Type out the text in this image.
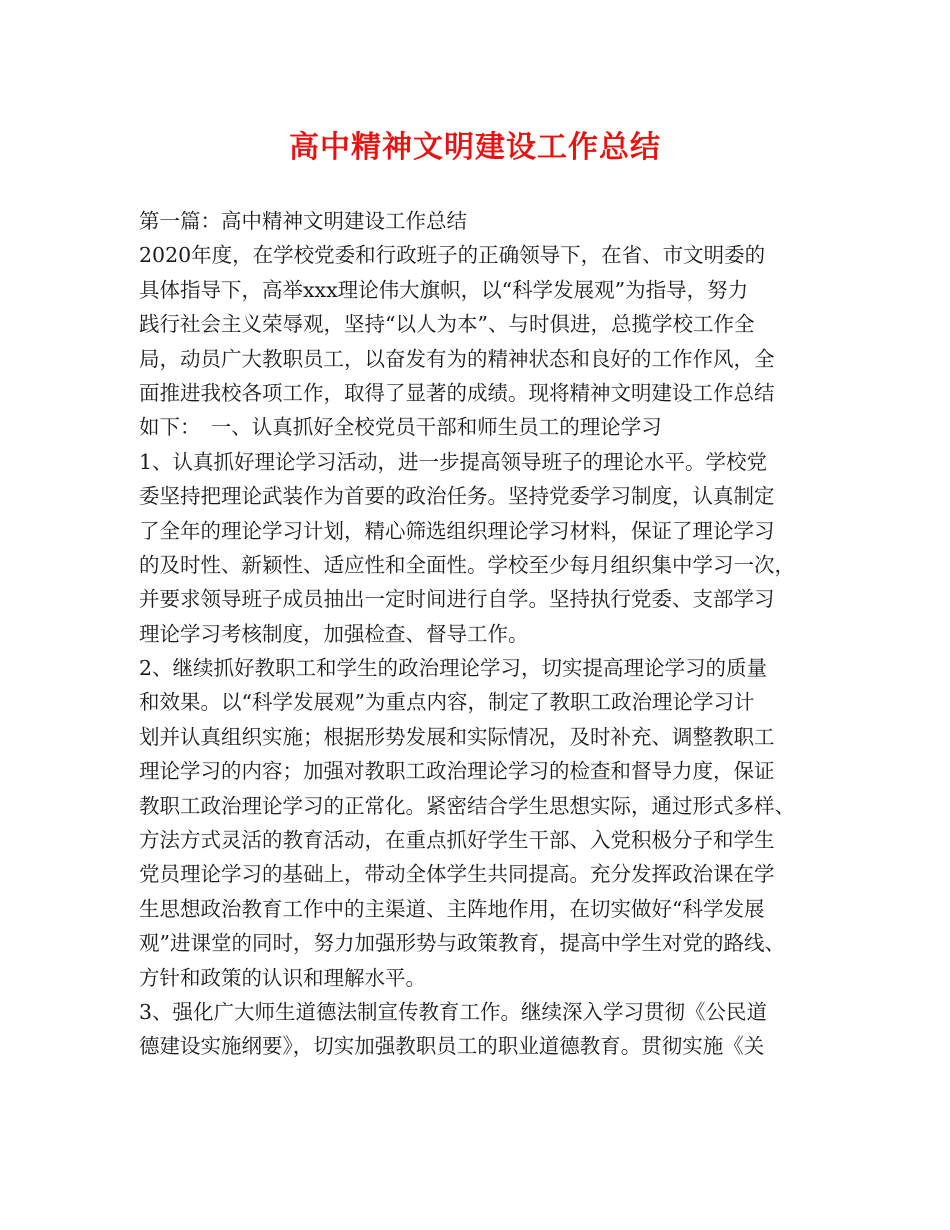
高中精神文明建设工作总结
第一篇：高中精神文明建设工作总结
2020年度，在学校党委和行政班子的正确领导下，在省、市文明委的
具体指导下，高举xxx理论伟大旗帜，以“科学发展观”为指导，努力
践行社会主义荣辱观，坚持“以人为本”、与时俱进，总揽学校工作全
局，动员广大教职员工，以奋发有为的精神状态和良好的工作作风，全
面推进我校各项工作，取得了显著的成绩。现将精神文明建设工作总结
如下：　一、认真抓好全校党员干部和师生员工的理论学习
1、认真抓好理论学习活动，进一步提高领导班子的理论水平。学校党
委坚持把理论武装作为首要的政治任务。坚持党委学习制度，认真制定
了全年的理论学习计划，精心筛选组织理论学习材料，保证了理论学习
的及时性、新颖性、适应性和全面性。学校至少每月组织集中学习一次，
并要求领导班子成员抽出一定时间进行自学。坚持执行党委、支部学习
理论学习考核制度，加强检查、督导工作。
2、继续抓好教职工和学生的政治理论学习，切实提高理论学习的质量
和效果。以“科学发展观”为重点内容，制定了教职工政治理论学习计
划并认真组织实施；根据形势发展和实际情况，及时补充、调整教职工
理论学习的内容；加强对教职工政治理论学习的检查和督导力度，保证
教职工政治理论学习的正常化。紧密结合学生思想实际，通过形式多样、
方法方式灵活的教育活动，在重点抓好学生干部、入党积极分子和学生
党员理论学习的基础上，带动全体学生共同提高。充分发挥政治课在学
生思想政治教育工作中的主渠道、主阵地作用，在切实做好“科学发展
观”进课堂的同时，努力加强形势与政策教育，提高中学生对党的路线、
方针和政策的认识和理解水平。
3、强化广大师生道德法制宣传教育工作。继续深入学习贯彻《公民道
德建设实施纲要》，切实加强教职员工的职业道德教育。贯彻实施《关
